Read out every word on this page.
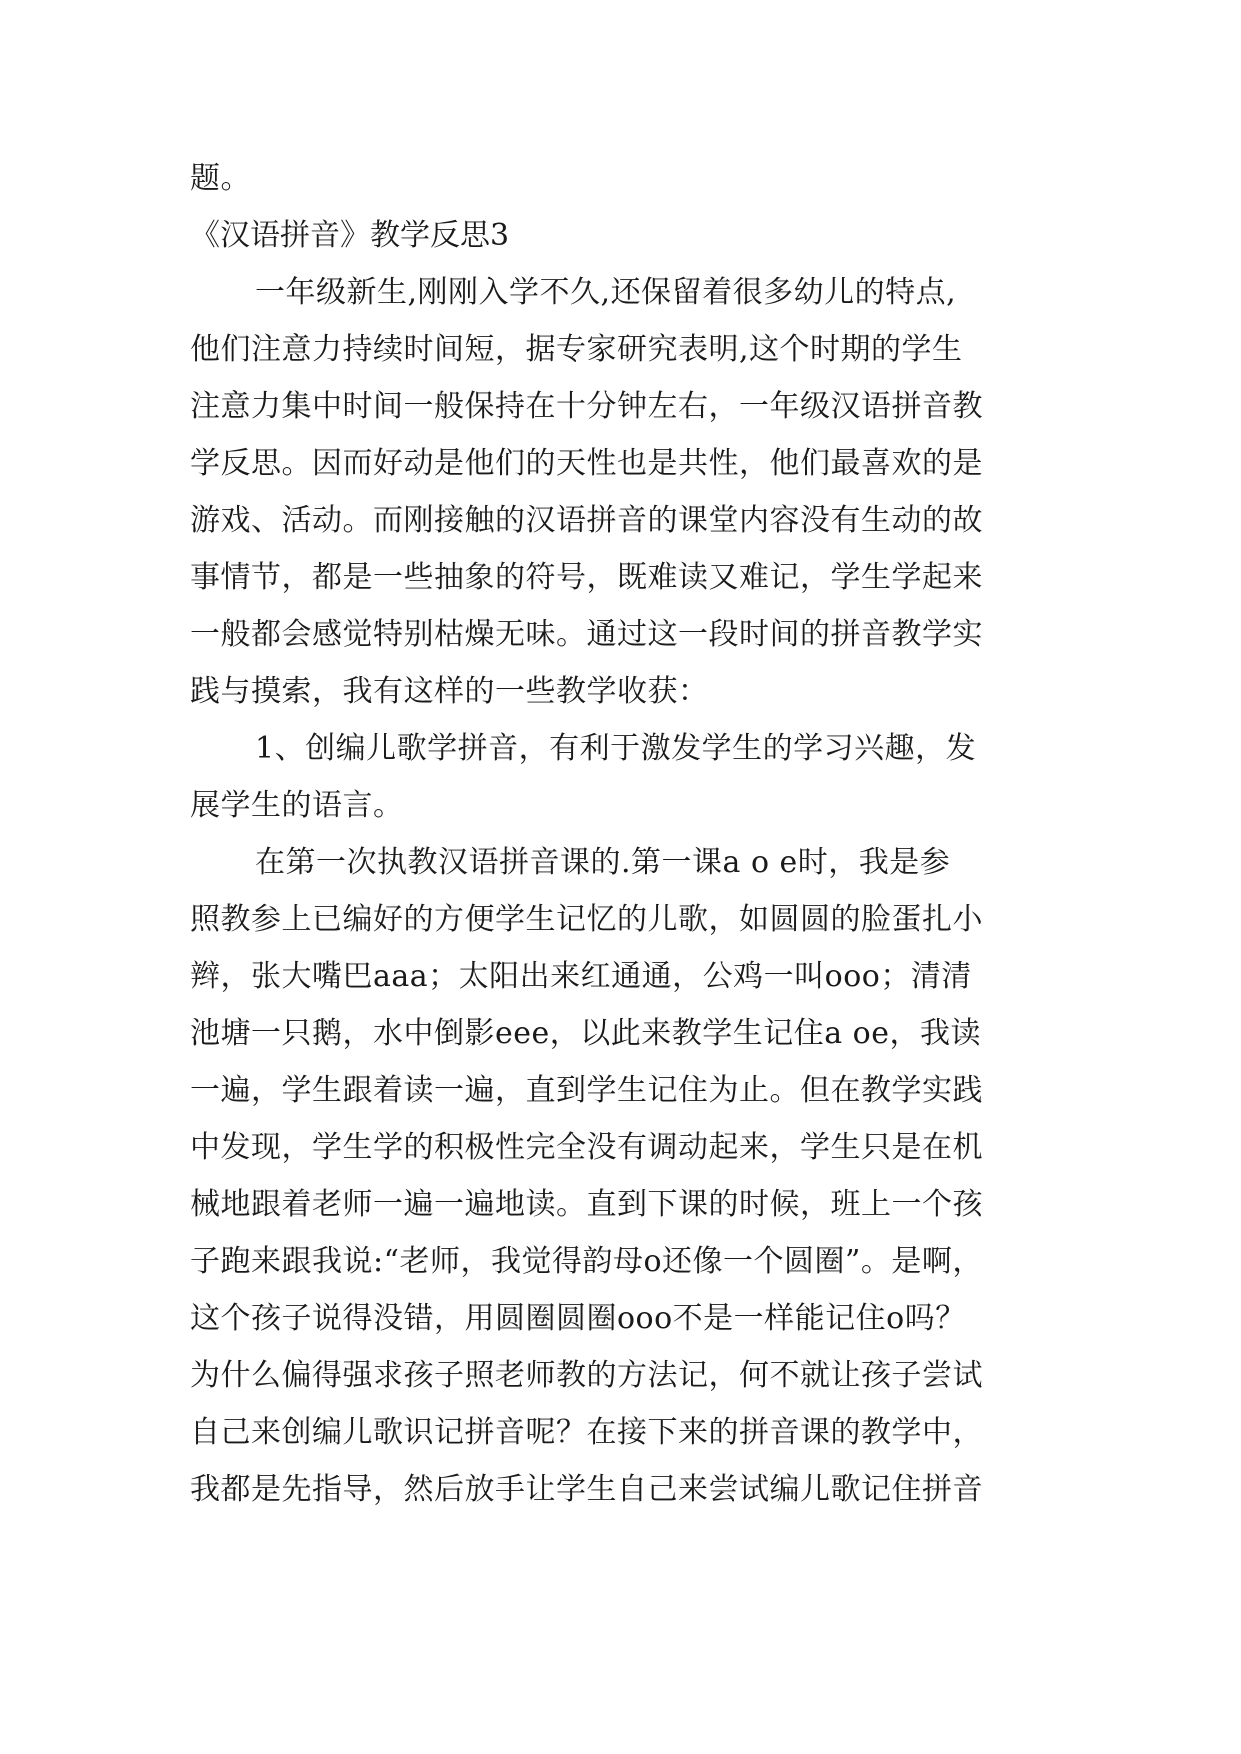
题。
《汉语拼音》教学反思3
一年级新生,刚刚入学不久,还保留着很多幼儿的特点,
他们注意力持续时间短，据专家研究表明,这个时期的学生
注意力集中时间一般保持在十分钟左右，一年级汉语拼音教
学反思。因而好动是他们的天性也是共性，他们最喜欢的是
游戏、活动。而刚接触的汉语拼音的课堂内容没有生动的故
事情节，都是一些抽象的符号，既难读又难记，学生学起来
一般都会感觉特别枯燥无味。通过这一段时间的拼音教学实
践与摸索，我有这样的一些教学收获：
1、创编儿歌学拼音，有利于激发学生的学习兴趣，发
展学生的语言。
在第一次执教汉语拼音课的.第一课a o e时，我是参
照教参上已编好的方便学生记忆的儿歌，如圆圆的脸蛋扎小
辫，张大嘴巴aaa；太阳出来红通通，公鸡一叫ooo；清清
池塘一只鹅，水中倒影eee，以此来教学生记住a oe，我读
一遍，学生跟着读一遍，直到学生记住为止。但在教学实践
中发现，学生学的积极性完全没有调动起来，学生只是在机
械地跟着老师一遍一遍地读。直到下课的时候，班上一个孩
子跑来跟我说:“老师，我觉得韵母o还像一个圆圈”。是啊，
这个孩子说得没错，用圆圈圆圈ooo不是一样能记住o吗？
为什么偏得强求孩子照老师教的方法记，何不就让孩子尝试
自己来创编儿歌识记拼音呢？在接下来的拼音课的教学中，
我都是先指导，然后放手让学生自己来尝试编儿歌记住拼音
